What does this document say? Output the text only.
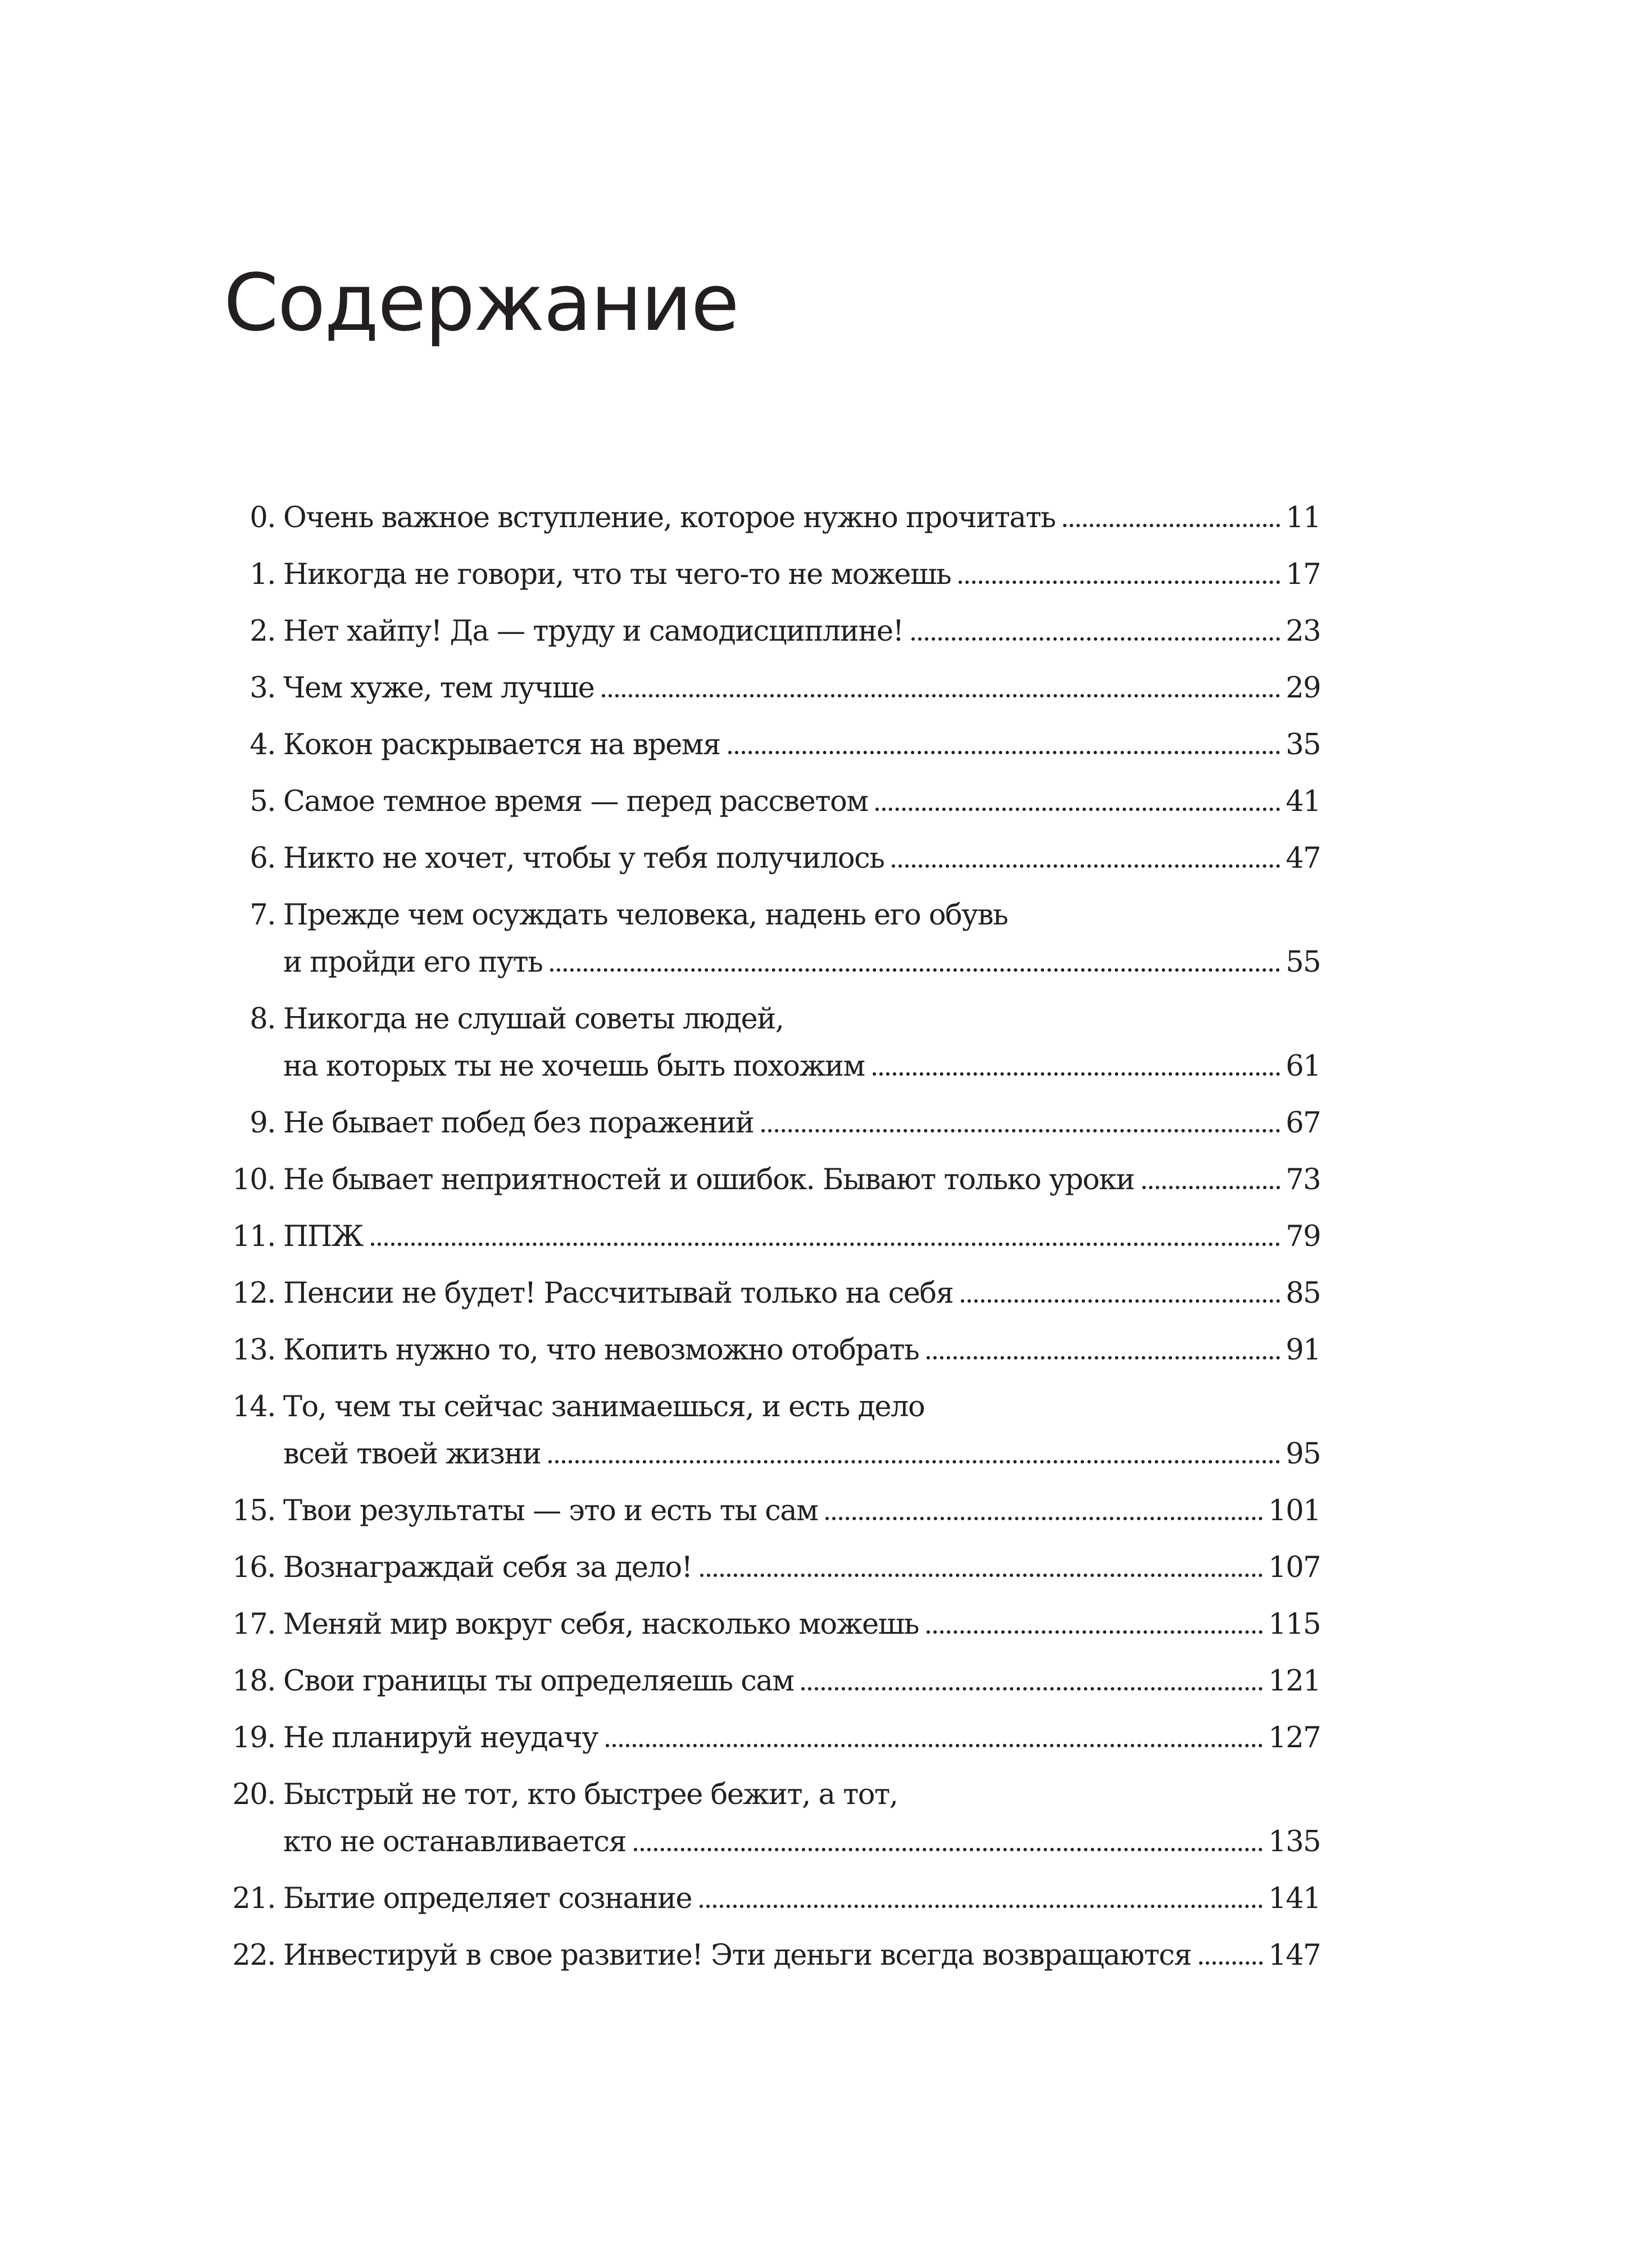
Содержание
0. Очень важное вступление, которое нужно прочитать	11
1. Никогда не говори, что ты чего-то не можешь	17
2. Нет хайпу! Да — труду и самодисциплине!	23
3. Чем хуже, тем лучше	29
4. Кокон раскрывается на время	35
5. Самое темное время — перед рассветом	41
6. Никто не хочет, чтобы у тебя получилось	47
7. Прежде чем осуждать человека, надень его обувь
и пройди его путь	55
8. Никогда не слушай советы людей,
на которых ты не хочешь быть похожим	61
9. Не бывает побед без поражений	67
10. Не бывает неприятностей и ошибок. Бывают только уроки	73
11. ППЖ	79
12. Пенсии не будет! Рассчитывай только на себя	85
13. Копить нужно то, что невозможно отобрать	91
14. То, чем ты сейчас занимаешься, и есть дело
всей твоей жизни	95
15. Твои результаты — это и есть ты сам	101
16. Вознаграждай себя за дело!	107
17. Меняй мир вокруг себя, насколько можешь	115
18. Свои границы ты определяешь сам	121
19. Не планируй неудачу	127
20. Быстрый не тот, кто быстрее бежит, а тот,
кто не останавливается	135
21. Бытие определяет сознание	141
22. Инвестируй в свое развитие! Эти деньги всегда возвращаются	147
